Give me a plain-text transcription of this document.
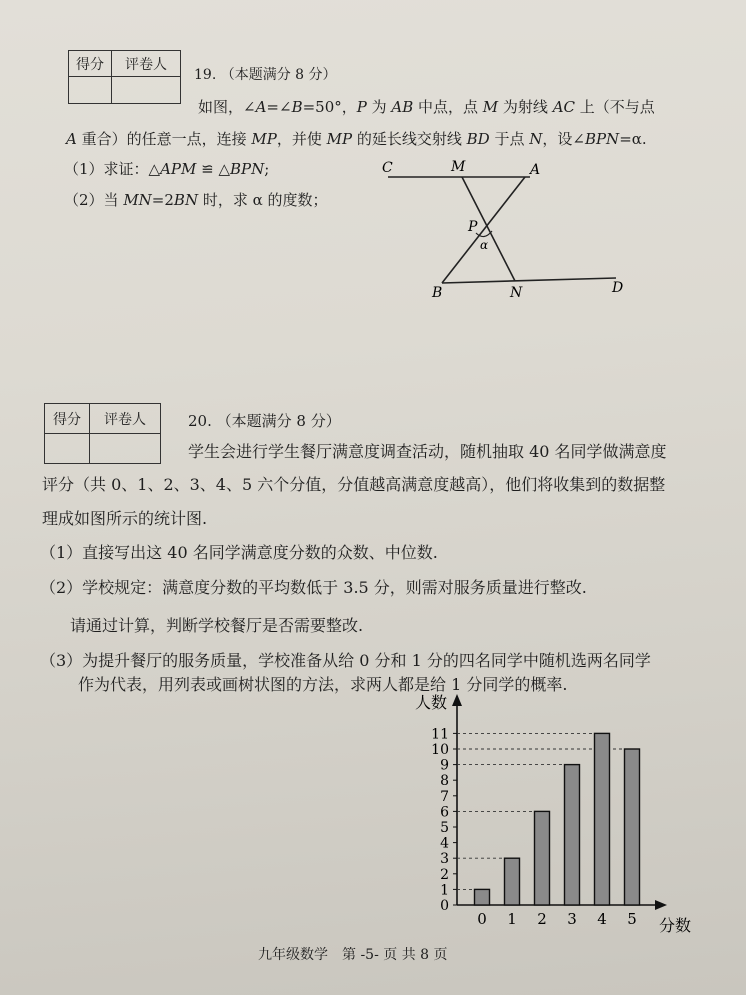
得分	评卷人

19. （本题满分 8 分）
如图，∠A=∠B=50°，P 为 AB 中点，点 M 为射线 AC 上（不与点
A 重合）的任意一点，连接 MP，并使 MP 的延长线交射线 BD 于点 N，设∠BPN=α.
（1）求证：△APM ≌ △BPN;
（2）当 MN=2BN 时，求 α 的度数；
C	M	A
P
α
B	N	D
得分	评卷人
		20. （本题满分 8 分）
学生会进行学生餐厅满意度调查活动，随机抽取 40 名同学做满意度
评分（共 0、1、2、3、4、5 六个分值，分值越高满意度越高），他们将收集到的数据整
理成如图所示的统计图.
（1）直接写出这 40 名同学满意度分数的众数、中位数.
（2）学校规定：满意度分数的平均数低于 3.5 分，则需对服务质量进行整改.
请通过计算，判断学校餐厅是否需要整改.
（3）为提升餐厅的服务质量，学校准备从给 0 分和 1 分的四名同学中随机选两名同学
作为代表，用列表或画树状图的方法，求两人都是给 1 分同学的概率.
人数
分数
0
1
2
3
4
5
6
7
8
9
10
11
0 1 2 3 4 5
九年级数学　第 -5- 页 共 8 页
